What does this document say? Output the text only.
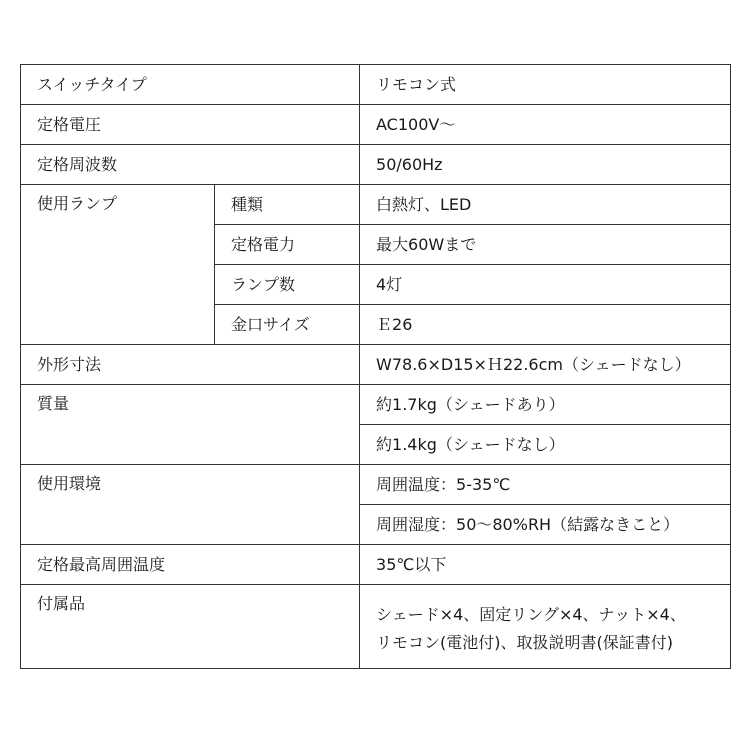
スイッチタイプ		リモコン式
定格電圧		AC100V～
定格周波数		50/60Hz
使用ランプ	種類	白熱灯、LED
	定格電力	最大60Wまで
	ランプ数	4灯
	金口サイズ	Ｅ26
外形寸法		W78.6×D15×Ｈ22.6cm（シェードなし）
質量		約1.7kg（シェードあり）
		約1.4kg（シェードなし）
使用環境		周囲温度：5-35℃
		周囲湿度：50～80%RH（結露なきこと）
定格最高周囲温度		35℃以下
付属品		シェード×4、固定リング×4、ナット×4、
リモコン(電池付)、取扱説明書(保証書付)
